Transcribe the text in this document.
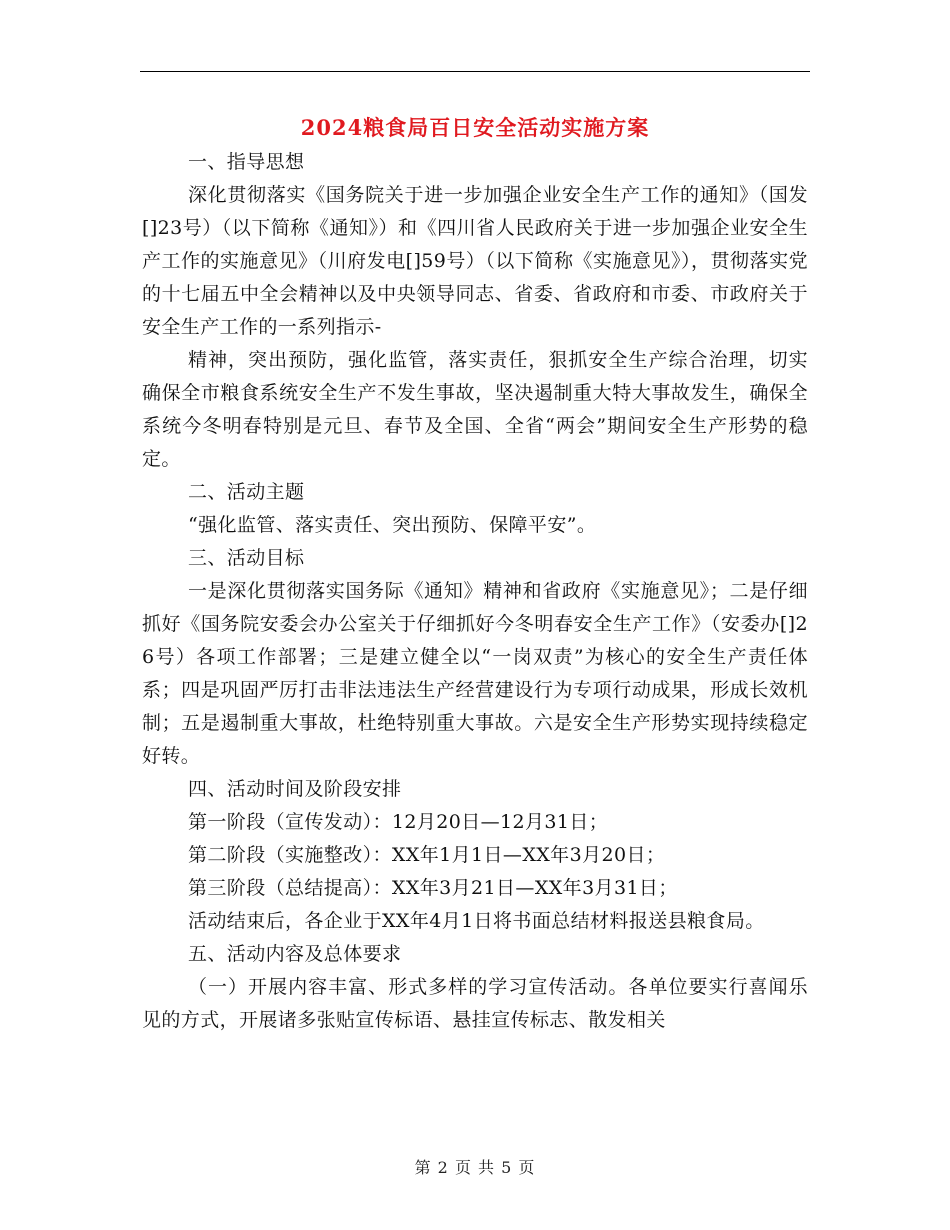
2024粮食局百日安全活动实施方案

一、指导思想

深化贯彻落实《国务院关于进一步加强企业安全生产工作的通知》（国发[]23号）（以下简称《通知》）和《四川省人民政府关于进一步加强企业安全生产工作的实施意见》（川府发电[]59号）（以下简称《实施意见》），贯彻落实党的十七届五中全会精神以及中央领导同志、省委、省政府和市委、市政府关于安全生产工作的一系列指示-

精神，突出预防，强化监管，落实责任，狠抓安全生产综合治理，切实确保全市粮食系统安全生产不发生事故，坚决遏制重大特大事故发生，确保全系统今冬明春特别是元旦、春节及全国、全省“两会”期间安全生产形势的稳定。

二、活动主题

“强化监管、落实责任、突出预防、保障平安”。

三、活动目标

一是深化贯彻落实国务际《通知》精神和省政府《实施意见》；二是仔细抓好《国务院安委会办公室关于仔细抓好今冬明春安全生产工作》（安委办[]26号）各项工作部署；三是建立健全以“一岗双责”为核心的安全生产责任体系；四是巩固严厉打击非法违法生产经营建设行为专项行动成果，形成长效机制；五是遏制重大事故，杜绝特别重大事故。六是安全生产形势实现持续稳定好转。

四、活动时间及阶段安排

第一阶段（宣传发动）：12月20日—12月31日；

第二阶段（实施整改）：XX年1月1日—XX年3月20日；

第三阶段（总结提高）：XX年3月21日—XX年3月31日；

活动结束后，各企业于XX年4月1日将书面总结材料报送县粮食局。

五、活动内容及总体要求

（一）开展内容丰富、形式多样的学习宣传活动。各单位要实行喜闻乐见的方式，开展诸多张贴宣传标语、悬挂宣传标志、散发相关

第 2 页 共 5 页
